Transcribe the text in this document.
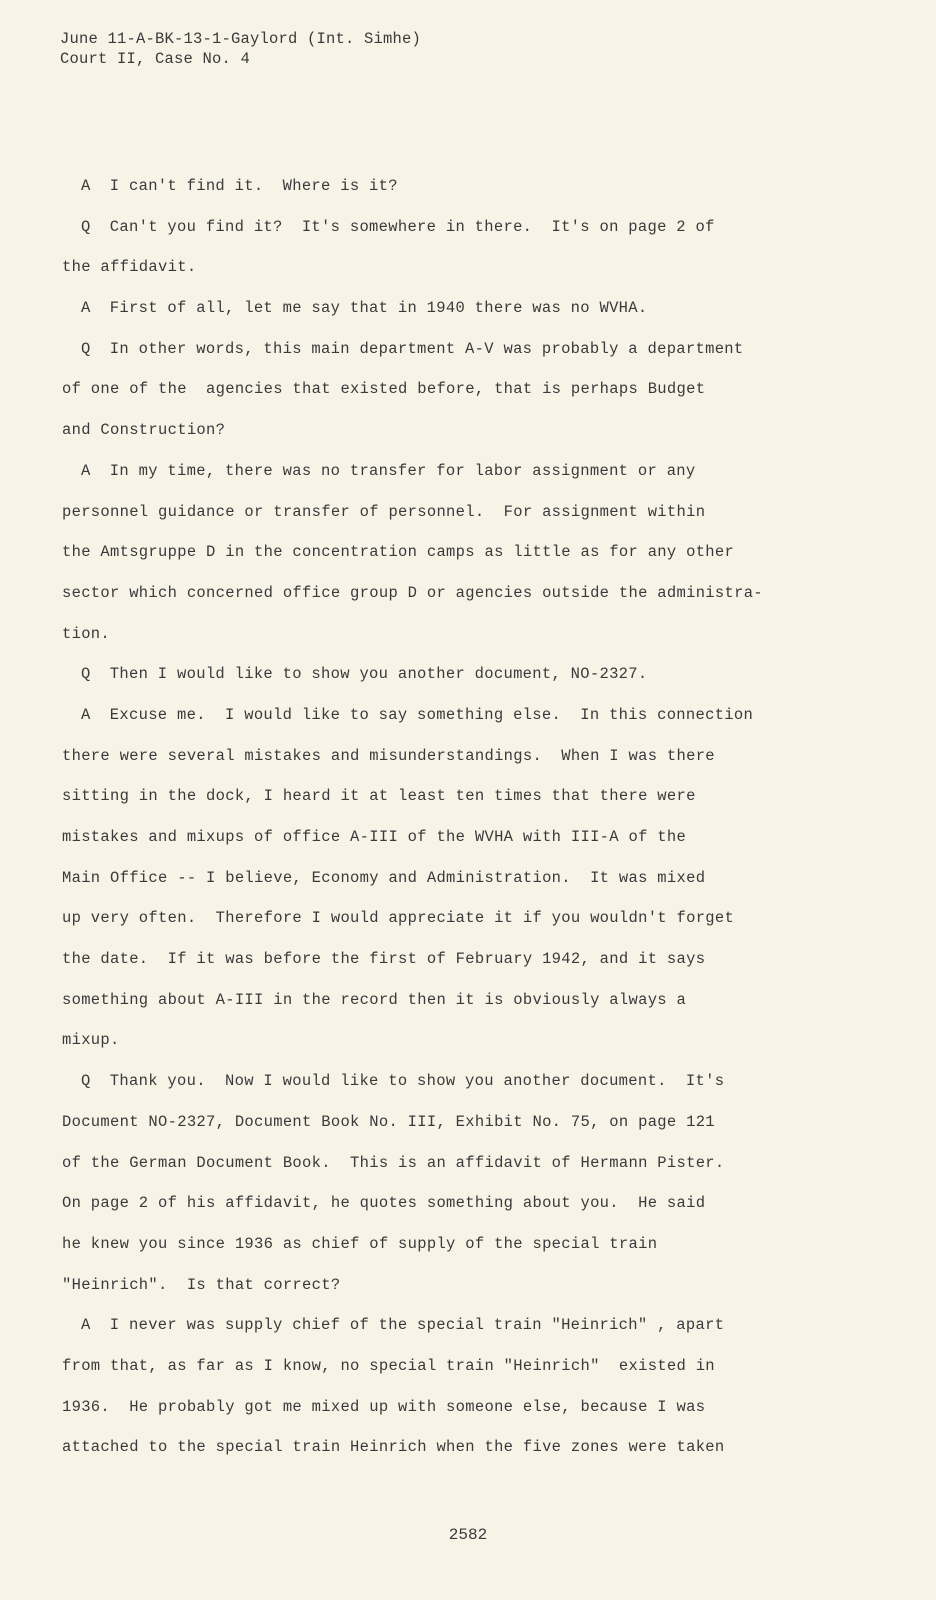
June 11-A-BK-13-1-Gaylord (Int. Simhe)
Court II, Case No. 4
A  I can't find it.  Where is it?
Q  Can't you find it?  It's somewhere in there.  It's on page 2 of
the affidavit.
A  First of all, let me say that in 1940 there was no WVHA.
Q  In other words, this main department A-V was probably a department
of one of the  agencies that existed before, that is perhaps Budget
and Construction?
A  In my time, there was no transfer for labor assignment or any
personnel guidance or transfer of personnel.  For assignment within
the Amtsgruppe D in the concentration camps as little as for any other
sector which concerned office group D or agencies outside the administra-
tion.
Q  Then I would like to show you another document, NO-2327.
A  Excuse me.  I would like to say something else.  In this connection
there were several mistakes and misunderstandings.  When I was there
sitting in the dock, I heard it at least ten times that there were
mistakes and mixups of office A-III of the WVHA with III-A of the
Main Office -- I believe, Economy and Administration.  It was mixed
up very often.  Therefore I would appreciate it if you wouldn't forget
the date.  If it was before the first of February 1942, and it says
something about A-III in the record then it is obviously always a
mixup.
Q  Thank you.  Now I would like to show you another document.  It's
Document NO-2327, Document Book No. III, Exhibit No. 75, on page 121
of the German Document Book.  This is an affidavit of Hermann Pister.
On page 2 of his affidavit, he quotes something about you.  He said
he knew you since 1936 as chief of supply of the special train
"Heinrich".  Is that correct?
A  I never was supply chief of the special train "Heinrich" , apart
from that, as far as I know, no special train "Heinrich"  existed in
1936.  He probably got me mixed up with someone else, because I was
attached to the special train Heinrich when the five zones were taken
2582
